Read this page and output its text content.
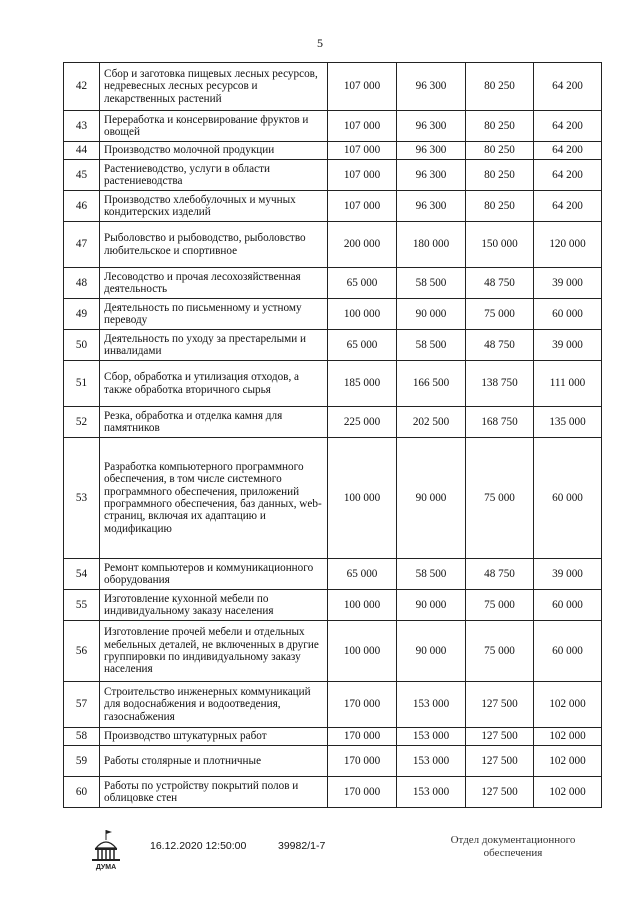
5
42	Сбор и заготовка пищевых лесных ресурсов, недревесных лесных ресурсов и лекарственных растений	107 000	96 300	80 250	64 200
43	Переработка и консервирование фруктов и овощей	107 000	96 300	80 250	64 200
44	Производство молочной продукции	107 000	96 300	80 250	64 200
45	Растениеводство, услуги в области растениеводства	107 000	96 300	80 250	64 200
46	Производство хлебобулочных и мучных кондитерских изделий	107 000	96 300	80 250	64 200
47	Рыболовство и рыбоводство, рыболовство любительское и спортивное	200 000	180 000	150 000	120 000
48	Лесоводство и прочая лесохозяйственная деятельность	65 000	58 500	48 750	39 000
49	Деятельность по письменному и устному переводу	100 000	90 000	75 000	60 000
50	Деятельность по уходу за престарелыми и инвалидами	65 000	58 500	48 750	39 000
51	Сбор, обработка и утилизация отходов, а также обработка вторичного сырья	185 000	166 500	138 750	111 000
52	Резка, обработка и отделка камня для памятников	225 000	202 500	168 750	135 000
53	Разработка компьютерного программного обеспечения, в том числе системного программного обеспечения, приложений программного обеспечения, баз данных, web-страниц, включая их адаптацию и модификацию	100 000	90 000	75 000	60 000
54	Ремонт компьютеров и коммуникационного оборудования	65 000	58 500	48 750	39 000
55	Изготовление кухонной мебели по индивидуальному заказу населения	100 000	90 000	75 000	60 000
56	Изготовление прочей мебели и отдельных мебельных деталей, не включенных в другие группировки по индивидуальному заказу населения	100 000	90 000	75 000	60 000
57	Строительство инженерных коммуникаций для водоснабжения и водоотведения, газоснабжения	170 000	153 000	127 500	102 000
58	Производство штукатурных работ	170 000	153 000	127 500	102 000
59	Работы столярные и плотничные	170 000	153 000	127 500	102 000
60	Работы по устройству покрытий полов и облицовке стен	170 000	153 000	127 500	102 000
ДУМА
16.12.2020 12:50:00	39982/1-7	Отдел документационного
обеспечения
